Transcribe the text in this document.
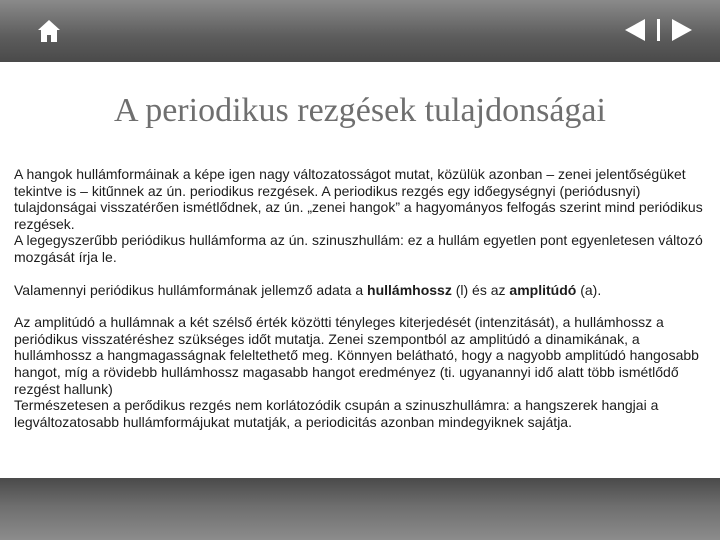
A periodikus rezgések tulajdonságai

A hangok hullámformáinak a képe igen nagy változatosságot mutat, közülük azonban – zenei jelentőségüket tekintve is – kitűnnek az ún. periodikus rezgések. A periodikus rezgés egy időegységnyi (periódusnyi) tulajdonságai visszatérően ismétlődnek, az ún. „zenei hangok” a hagyományos felfogás szerint mind periódikus rezgések.

A legegyszerűbb periódikus hullámforma az ún. szinuszhullám: ez a hullám egyetlen pont egyenletesen változó mozgását írja le.

Valamennyi periódikus hullámformának jellemző adata a hullámhossz (l) és az amplitúdó (a).

Az amplitúdó a hullámnak a két szélső érték közötti tényleges kiterjedését (intenzitását), a hullámhossz a periódikus visszatéréshez szükséges időt mutatja. Zenei szempontból az amplitúdó a dinamikának, a hullámhossz a hangmagasságnak feleltethető meg. Könnyen belátható, hogy a nagyobb amplitúdó hangosabb hangot, míg a rövidebb hullámhossz magasabb hangot eredményez (ti. ugyanannyi idő alatt több ismétlődő rezgést hallunk)

Természetesen a perődikus rezgés nem korlátozódik csupán a szinuszhullámra: a hangszerek hangjai a legváltozatosabb hullámformájukat mutatják, a periodicitás azonban mindegyiknek sajátja.
